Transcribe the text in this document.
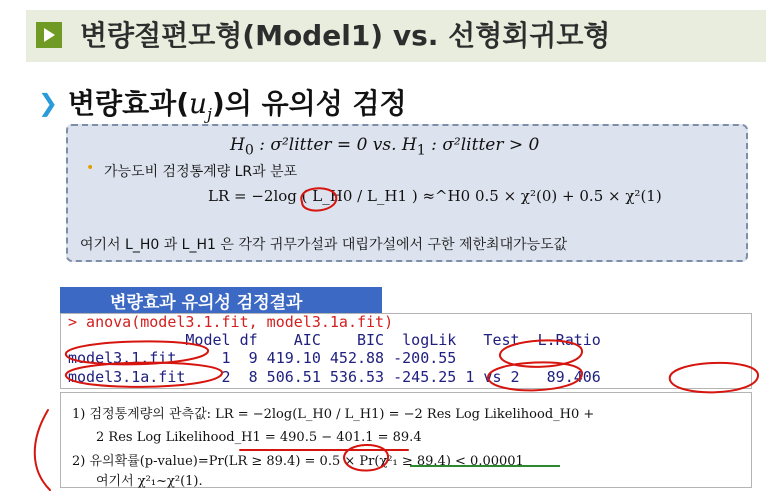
변량절편모형(Model1) vs. 선형회귀모형
❯ 변량효과$(u_j)$의 유의성 검정
$H_0$ : σ²litter = 0 vs. $H_1$ : σ²litter > 0
• 가능도비 검정통계량 LR과 분포
LR = −2log ( L_H0 / L_H1 ) ≈^H0 0.5 × χ²(0) + 0.5 × χ²(1)
여기서 L_H0 과 L_H1 은 각각 귀무가설과 대립가설에서 구한 제한최대가능도값
변량효과 유의성 검정결과
> anova(model3.1.fit, model3.1a.fit)
Model df    AIC    BIC  logLik   Test  L.Ratio
model3.1.fit     1  9 419.10 452.88 -200.55
model3.1a.fit    2  8 506.51 536.53 -245.25 1 vs 2   89.406
1) 검정통계량의 관측값: LR = −2log(L_H0 / L_H1) = −2 Res Log Likelihood_H0 +
2 Res Log Likelihood_H1 = 490.5 − 401.1 = 89.4
2) 유의확률(p-value)=Pr(LR ≥ 89.4) = 0.5 × Pr(χ²₁ ≥ 89.4) < 0.00001
여기서 χ²₁~χ²(1).
